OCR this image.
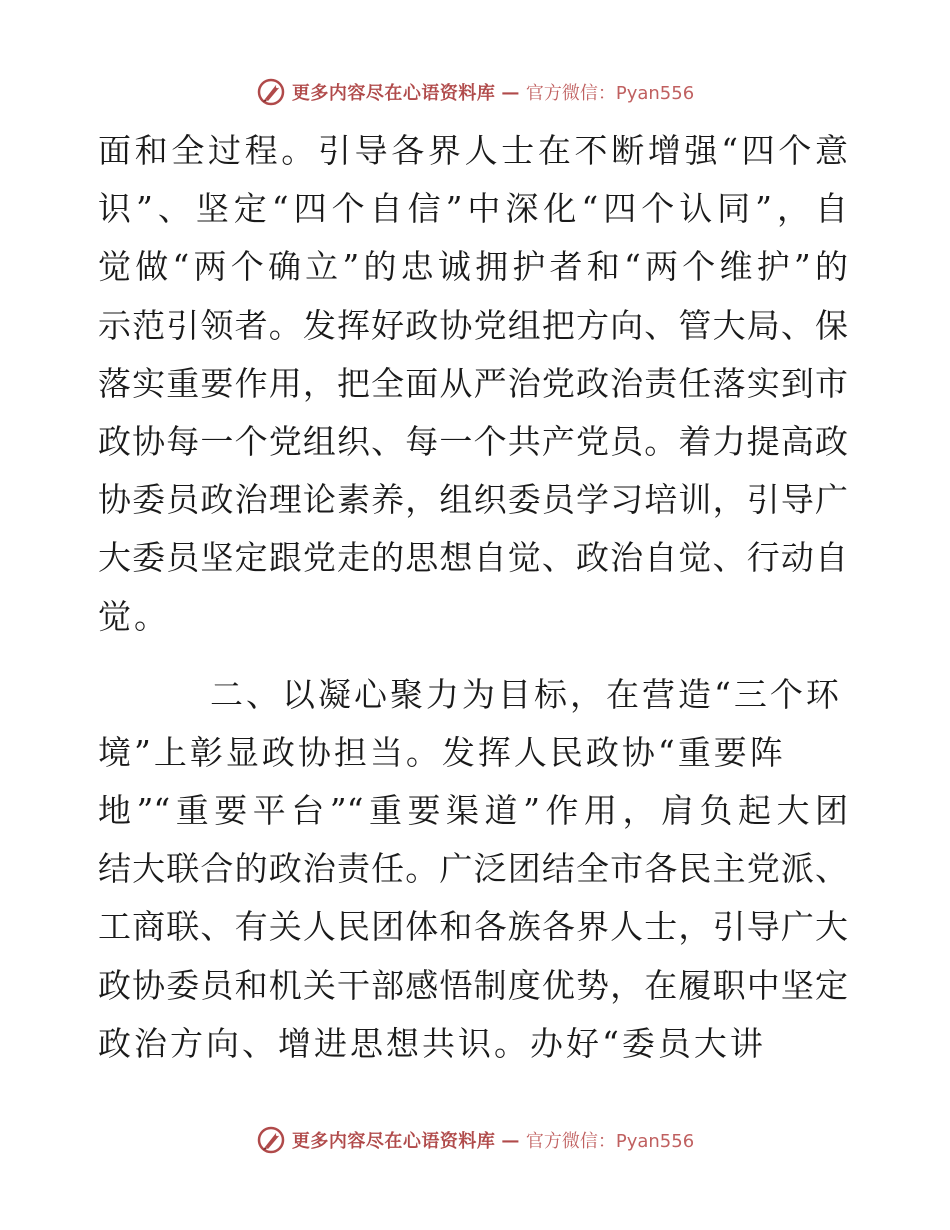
更多内容尽在心语资料库 — 官方微信：Pyan556
面和全过程。引导各界人士在不断增强“四个意
识”、坚定“四个自信”中深化“四个认同”，自
觉做“两个确立”的忠诚拥护者和“两个维护”的
示范引领者。发挥好政协党组把方向、管大局、保
落实重要作用，把全面从严治党政治责任落实到市
政协每一个党组织、每一个共产党员。着力提高政
协委员政治理论素养，组织委员学习培训，引导广
大委员坚定跟党走的思想自觉、政治自觉、行动自
觉。
二、以凝心聚力为目标，在营造“三个环
境”上彰显政协担当。发挥人民政协“重要阵
地”“重要平台”“重要渠道”作用，肩负起大团
结大联合的政治责任。广泛团结全市各民主党派、
工商联、有关人民团体和各族各界人士，引导广大
政协委员和机关干部感悟制度优势，在履职中坚定
政治方向、增进思想共识。办好“委员大讲
更多内容尽在心语资料库 — 官方微信：Pyan556
